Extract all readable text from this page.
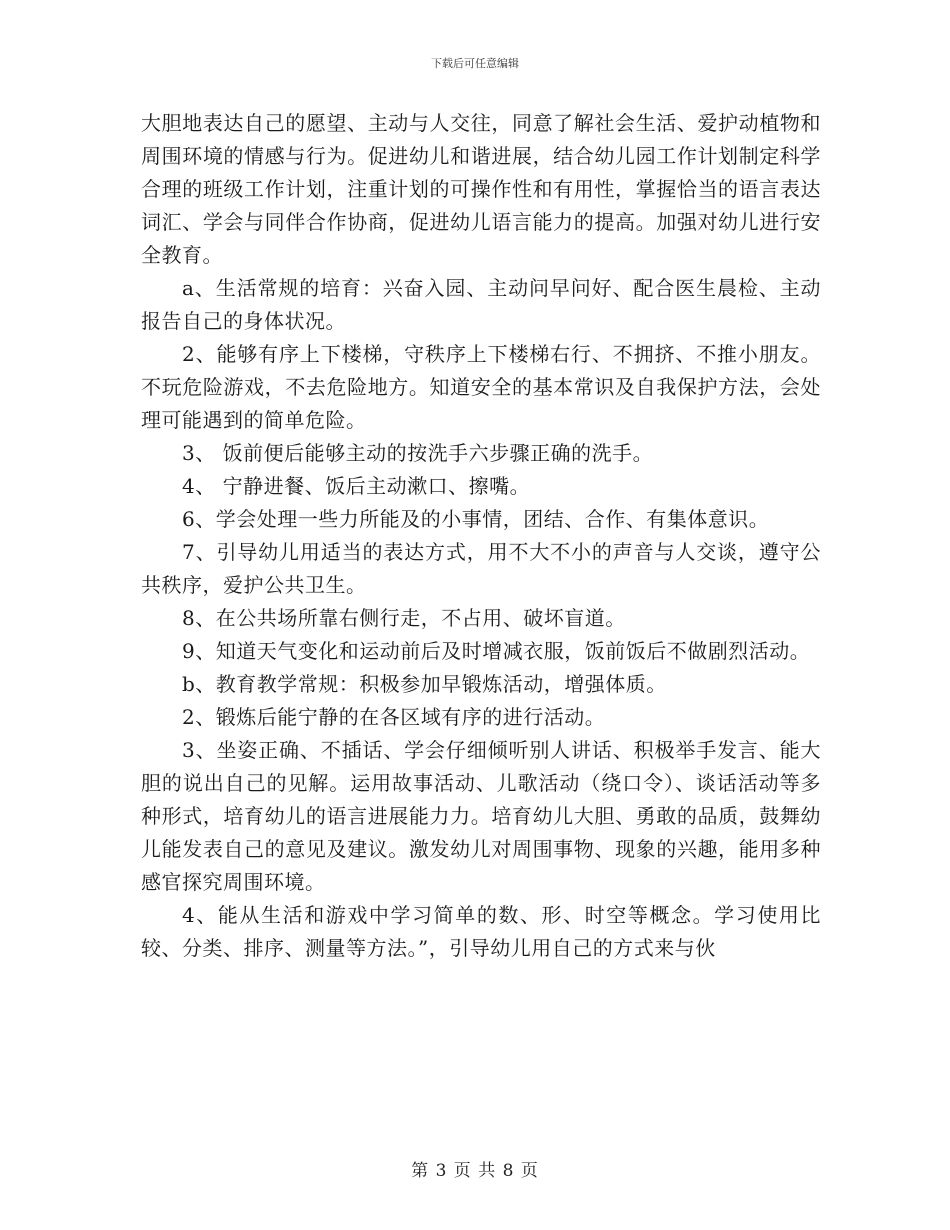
下载后可任意编辑

大胆地表达自己的愿望、主动与人交往，同意了解社会生活、爱护动植物和周围环境的情感与行为。促进幼儿和谐进展，结合幼儿园工作计划制定科学合理的班级工作计划，注重计划的可操作性和有用性，掌握恰当的语言表达词汇、学会与同伴合作协商，促进幼儿语言能力的提高。加强对幼儿进行安全教育。

a、生活常规的培育：兴奋入园、主动问早问好、配合医生晨检、主动报告自己的身体状况。

2、能够有序上下楼梯，守秩序上下楼梯右行、不拥挤、不推小朋友。不玩危险游戏，不去危险地方。知道安全的基本常识及自我保护方法，会处理可能遇到的简单危险。

3、 饭前便后能够主动的按洗手六步骤正确的洗手。

4、 宁静进餐、饭后主动漱口、擦嘴。

6、学会处理一些力所能及的小事情，团结、合作、有集体意识。

7、引导幼儿用适当的表达方式，用不大不小的声音与人交谈，遵守公共秩序，爱护公共卫生。

8、在公共场所靠右侧行走，不占用、破坏盲道。

9、知道天气变化和运动前后及时增减衣服，饭前饭后不做剧烈活动。

b、教育教学常规：积极参加早锻炼活动，增强体质。

2、锻炼后能宁静的在各区域有序的进行活动。

3、坐姿正确、不插话、学会仔细倾听别人讲话、积极举手发言、能大胆的说出自己的见解。运用故事活动、儿歌活动（绕口令）、谈话活动等多种形式，培育幼儿的语言进展能力力。培育幼儿大胆、勇敢的品质，鼓舞幼儿能发表自己的意见及建议。激发幼儿对周围事物、现象的兴趣，能用多种感官探究周围环境。

4、能从生活和游戏中学习简单的数、形、时空等概念。学习使用比较、分类、排序、测量等方法。”，引导幼儿用自己的方式来与伙

第 3 页 共 8 页
